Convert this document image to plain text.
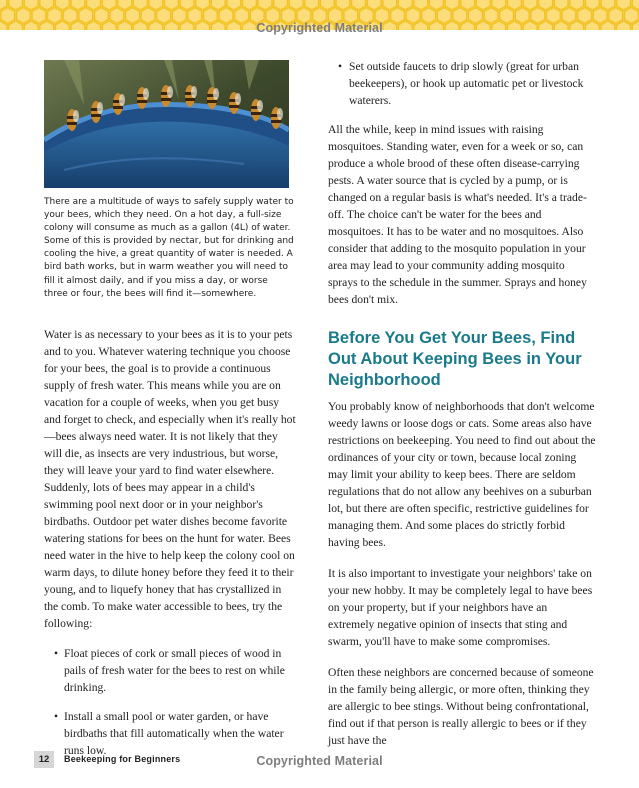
Copyrighted Material

There are a multitude of ways to safely supply water to your bees, which they need. On a hot day, a full-size colony will consume as much as a gallon (4L) of water. Some of this is provided by nectar, but for drinking and cooling the hive, a great quantity of water is needed. A bird bath works, but in warm weather you will need to fill it almost daily, and if you miss a day, or worse three or four, the bees will find it—somewhere.

Water is as necessary to your bees as it is to your pets and to you. Whatever watering technique you choose for your bees, the goal is to provide a continuous supply of fresh water. This means while you are on vacation for a couple of weeks, when you get busy and forget to check, and especially when it's really hot—bees always need water. It is not likely that they will die, as insects are very industrious, but worse, they will leave your yard to find water elsewhere. Suddenly, lots of bees may appear in a child's swimming pool next door or in your neighbor's birdbaths. Outdoor pet water dishes become favorite watering stations for bees on the hunt for water. Bees need water in the hive to help keep the colony cool on warm days, to dilute honey before they feed it to their young, and to liquefy honey that has crystallized in the comb. To make water accessible to bees, try the following:

• Float pieces of cork or small pieces of wood in pails of fresh water for the bees to rest on while drinking.
• Install a small pool or water garden, or have birdbaths that fill automatically when the water runs low.
• Set outside faucets to drip slowly (great for urban beekeepers), or hook up automatic pet or livestock waterers.

All the while, keep in mind issues with raising mosquitoes. Standing water, even for a week or so, can produce a whole brood of these often disease-carrying pests. A water source that is cycled by a pump, or is changed on a regular basis is what's needed. It's a trade-off. The choice can't be water for the bees and mosquitoes. It has to be water and no mosquitoes. Also consider that adding to the mosquito population in your area may lead to your community adding mosquito sprays to the schedule in the summer. Sprays and honey bees don't mix.

Before You Get Your Bees, Find Out About Keeping Bees in Your Neighborhood

You probably know of neighborhoods that don't welcome weedy lawns or loose dogs or cats. Some areas also have restrictions on beekeeping. You need to find out about the ordinances of your city or town, because local zoning may limit your ability to keep bees. There are seldom regulations that do not allow any beehives on a suburban lot, but there are often specific, restrictive guidelines for managing them. And some places do strictly forbid having bees.

It is also important to investigate your neighbors' take on your new hobby. It may be completely legal to have bees on your property, but if your neighbors have an extremely negative opinion of insects that sting and swarm, you'll have to make some compromises.

Often these neighbors are concerned because of someone in the family being allergic, or more often, thinking they are allergic to bee stings. Without being confrontational, find out if that person is really allergic to bees or if they just have the

12	Beekeeping for Beginners	Copyrighted Material
